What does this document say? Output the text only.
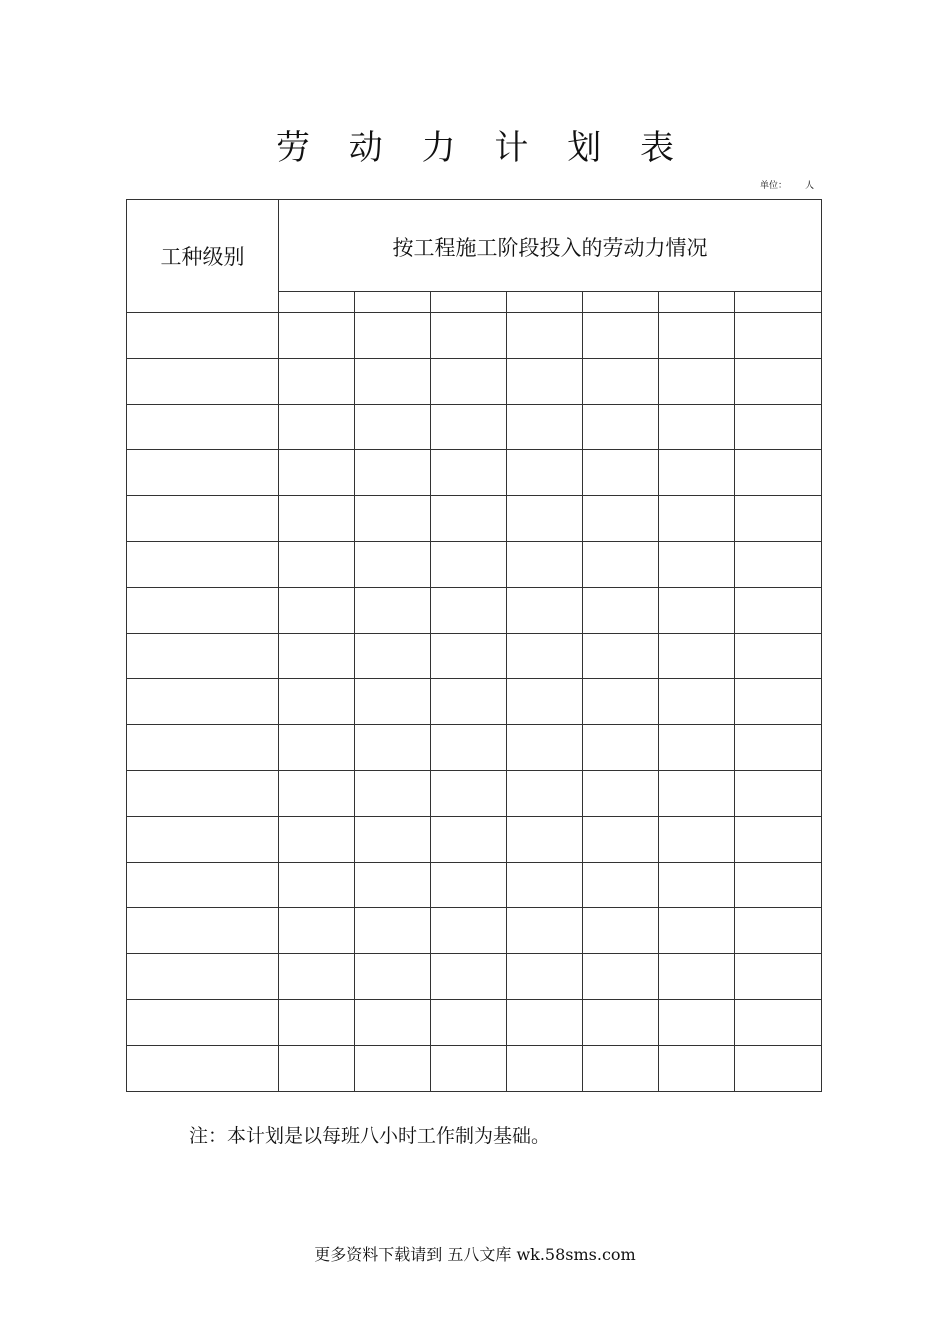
劳 动 力 计 划 表
单位： 人
工种级别	按工程施工阶段投入的劳动力情况						

注：本计划是以每班八小时工作制为基础。
更多资料下载请到 五八文库 wk.58sms.com
